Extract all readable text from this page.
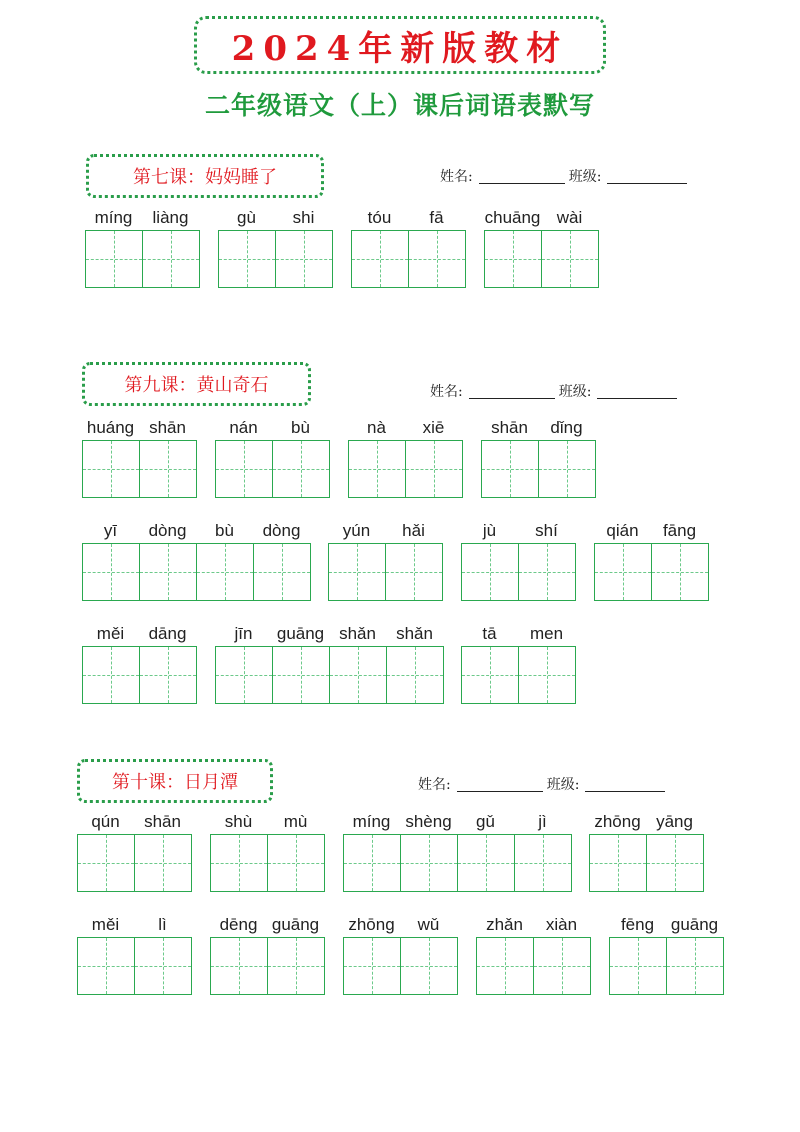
2024年新版教材
二年级语文（上）课后词语表默写
第七课：妈妈睡了	姓名:	班级:
第九课：黄山奇石	姓名:	班级:
第十课：日月潭	姓名:	班级:
míng	liàng	gù	shi	tóu	fā	chuāng wài
huáng shān	nán	bù	nà	xiē	shān	dǐng
yī	dòng	bù	dòng	yún	hǎi	jù	shí	qián	fāng
měi	dāng	jīn	guāng shǎn	shǎn	tā	men
qún	shān	shù	mù	míng shèng	gǔ	jì	zhōng yāng
měi	lì	dēng guāng	zhōng	wǔ	zhǎn	xiàn	fēng guāng
